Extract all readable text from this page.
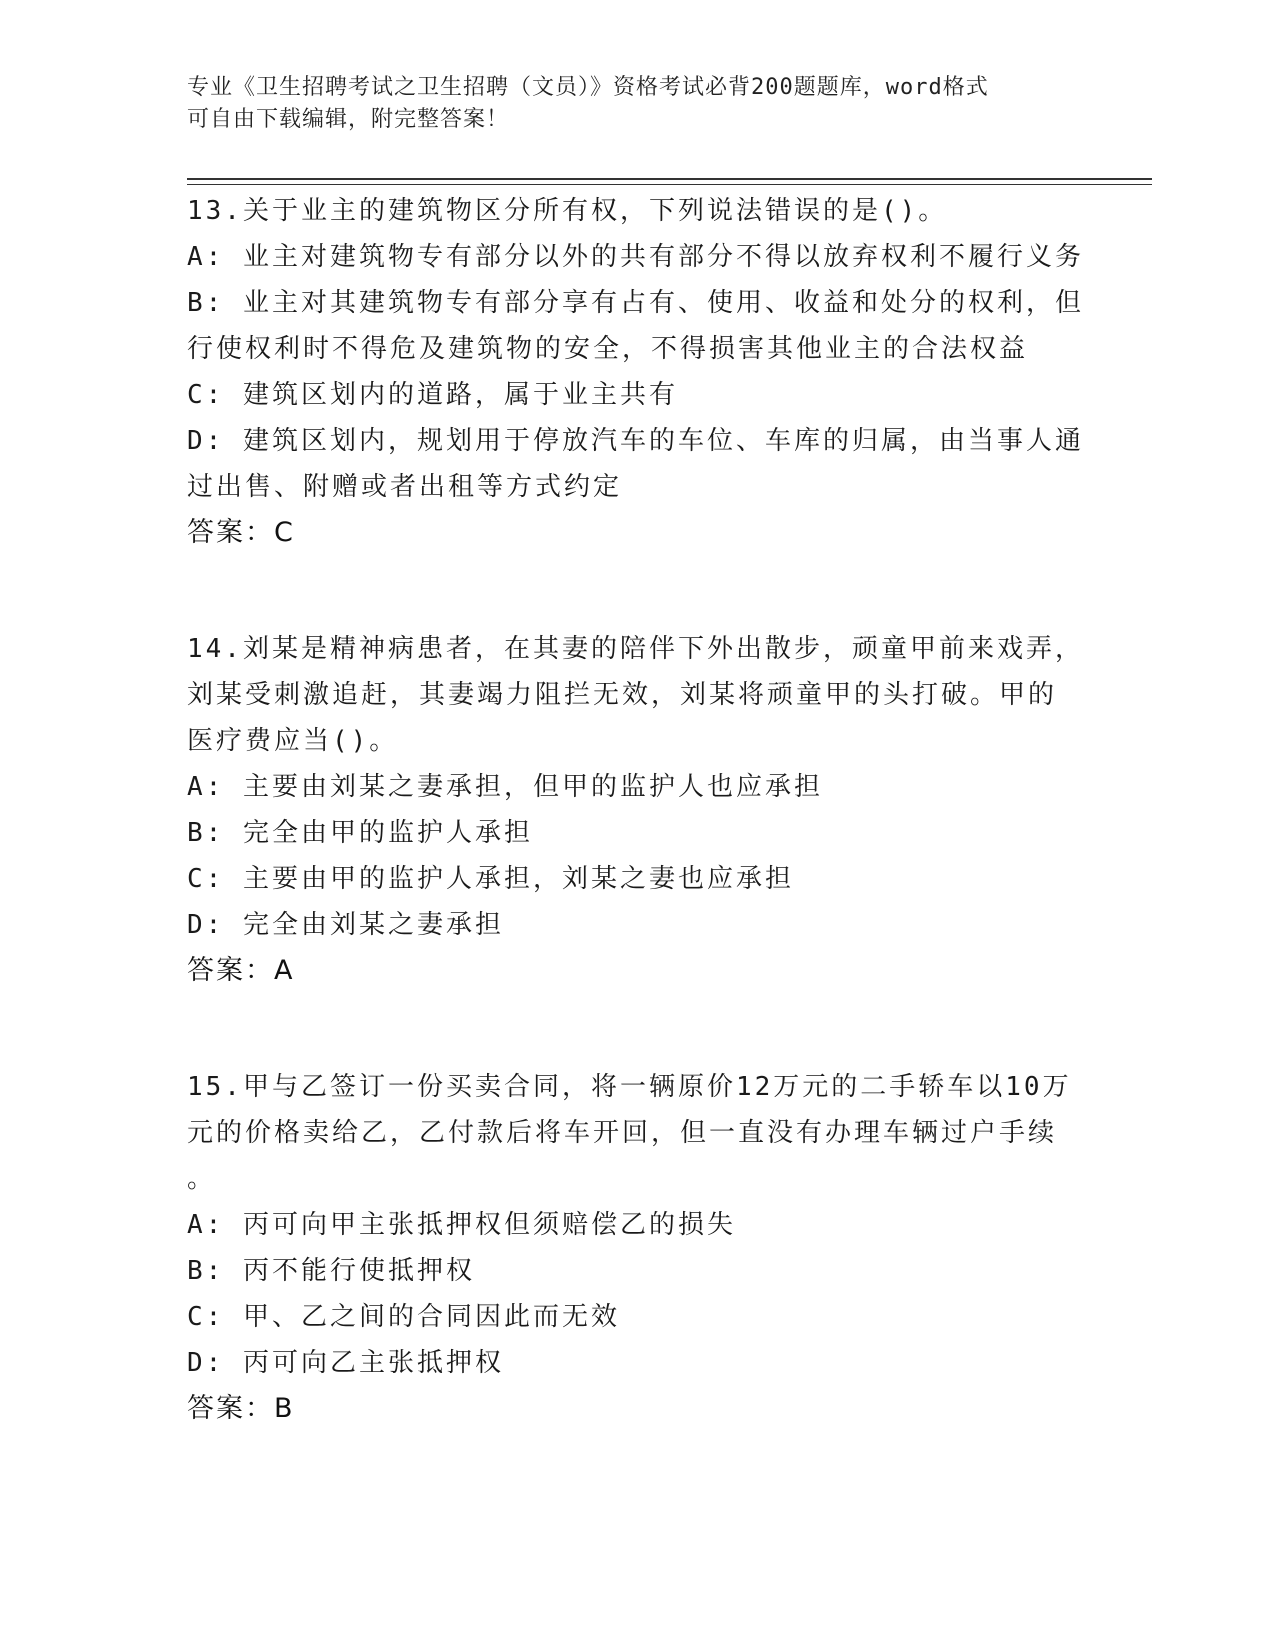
专业《卫生招聘考试之卫生招聘（文员）》资格考试必背200题题库，word格式
可自由下载编辑，附完整答案！
13.关于业主的建筑物区分所有权，下列说法错误的是()。
A: 业主对建筑物专有部分以外的共有部分不得以放弃权利不履行义务
B: 业主对其建筑物专有部分享有占有、使用、收益和处分的权利，但
行使权利时不得危及建筑物的安全，不得损害其他业主的合法权益
C: 建筑区划内的道路，属于业主共有
D: 建筑区划内，规划用于停放汽车的车位、车库的归属，由当事人通
过出售、附赠或者出租等方式约定
答案：C
14.刘某是精神病患者，在其妻的陪伴下外出散步，顽童甲前来戏弄，
刘某受刺激追赶，其妻竭力阻拦无效，刘某将顽童甲的头打破。甲的
医疗费应当()。
A: 主要由刘某之妻承担，但甲的监护人也应承担
B: 完全由甲的监护人承担
C: 主要由甲的监护人承担，刘某之妻也应承担
D: 完全由刘某之妻承担
答案：A
15.甲与乙签订一份买卖合同，将一辆原价12万元的二手轿车以10万
元的价格卖给乙，乙付款后将车开回，但一直没有办理车辆过户手续
。
A: 丙可向甲主张抵押权但须赔偿乙的损失
B: 丙不能行使抵押权
C: 甲、乙之间的合同因此而无效
D: 丙可向乙主张抵押权
答案：B
